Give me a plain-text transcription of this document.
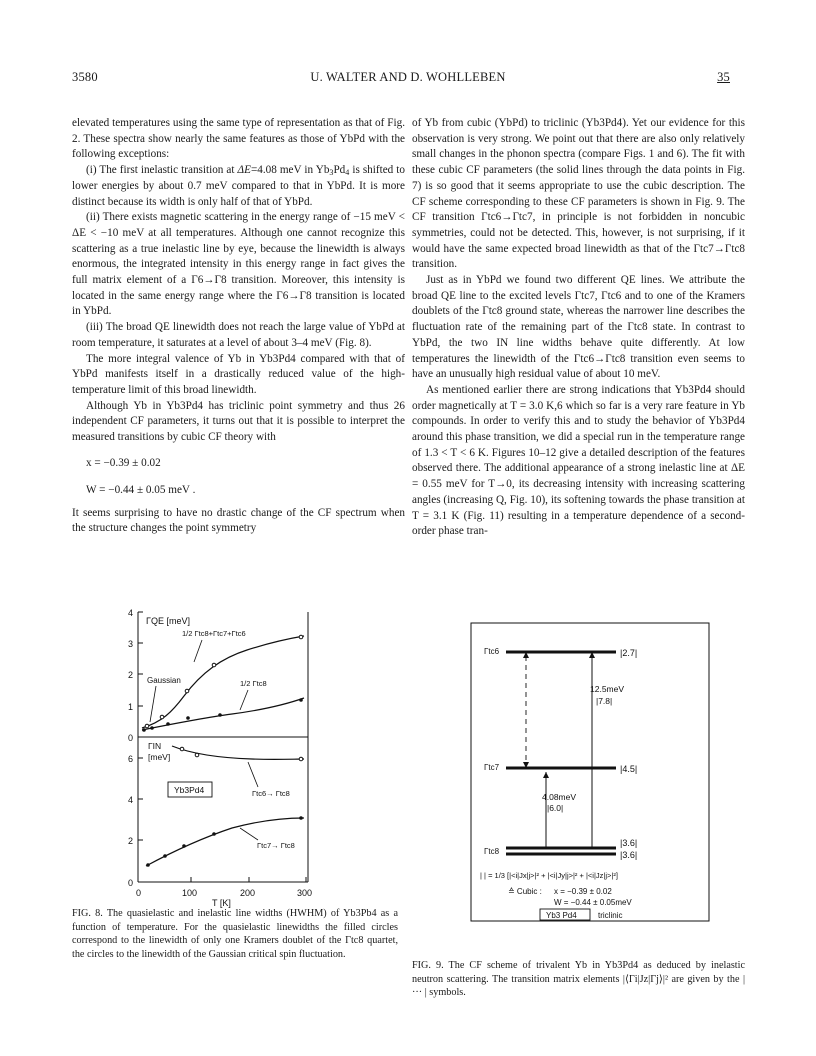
3580	U. WALTER AND D. WOHLLEBEN	35

elevated temperatures using the same type of representation as that of Fig. 2. These spectra show nearly the same features as those of YbPd with the following exceptions:

(i) The first inelastic transition at ΔE=4.08 meV in $Yb_3Pd_4$ is shifted to lower energies by about 0.7 meV compared to that in YbPd. It is more distinct because its width is only half of that of YbPd.

(ii) There exists magnetic scattering in the energy range of −15 meV < ΔE < −10 meV at all temperatures. Although one cannot recognize this scattering as a true inelastic line by eye, because the linewidth is always enormous, the integrated intensity in this energy range in fact gives the full matrix element of a Γ6→Γ8 transition. Moreover, this intensity is located in the same energy range where the Γ6→Γ8 transition is located in YbPd.

(iii) The broad QE linewidth does not reach the large value of YbPd at room temperature, it saturates at a level of about 3–4 meV (Fig. 8).

The more integral valence of Yb in Yb3Pd4 compared with that of YbPd manifests itself in a drastically reduced value of the high-temperature limit of this broad linewidth.

Although Yb in Yb3Pd4 has triclinic point symmetry and thus 26 independent CF parameters, it turns out that it is possible to interpret the measured transitions by cubic CF theory with

x = −0.39 ± 0.02
W = −0.44 ± 0.05 meV .

It seems surprising to have no drastic change of the CF spectrum when the structure changes the point symmetry

of Yb from cubic (YbPd) to triclinic (Yb3Pd4). Yet our evidence for this observation is very strong. We point out that there are also only relatively small changes in the phonon spectra (compare Figs. 1 and 6). The fit with these cubic CF parameters (the solid lines through the data points in Fig. 7) is so good that it seems appropriate to use the cubic description. The CF scheme corresponding to these CF parameters is shown in Fig. 9. The CF transition Γtc6→Γtc7, in principle is not forbidden in noncubic symmetries, could not be detected. This, however, is not surprising, if it would have the same expected broad linewidth as that of the Γtc7→Γtc8 transition.

Just as in YbPd we found two different QE lines. We attribute the broad QE line to the excited levels Γtc7, Γtc6 and to one of the Kramers doublets of the Γtc8 ground state, whereas the narrower line describes the fluctuation rate of the remaining part of the Γtc8 state. In contrast to YbPd, the two IN line widths behave quite differently. At low temperatures the linewidth of the Γtc6→Γtc8 transition even seems to have an unusually high residual value of about 10 meV.

As mentioned earlier there are strong indications that Yb3Pd4 should order magnetically at T = 3.0 K,6 which so far is a very rare feature in Yb compounds. In order to verify this and to study the behavior of Yb3Pd4 around this phase transition, we did a special run in the temperature range of 1.3 < T < 6 K. Figures 10–12 give a detailed description of the features observed there. The additional appearance of a strong inelastic line at ΔE = 0.55 meV for T→0, its decreasing intensity with increasing scattering angles (increasing Q, Fig. 10), its softening towards the phase transition at T = 3.1 K (Fig. 11) resulting in a temperature dependence of a second-order phase tran-

4
3
2
1
0
ΓQE [meV]
1/2 Γtc8+Γtc7+Γtc6
1/2 Γtc8
Gaussian
6
4
2
0
ΓIN
[meV]
Yb3Pd4	Γtc6→ Γtc8
Γtc7→ Γtc8
0	100	200	300
T [K]
FIG. 8. The quasielastic and inelastic line widths (HWHM) of Yb3Pb4 as a function of temperature. For the quasielastic linewidths the filled circles correspond to the linewidth of only one Kramers doublet of the Γtc8 quartet, the circles to the linewidth of the Gaussian critical spin fluctuation.
Γtc6
Γtc7
Γtc8
|2.7|
|4.5|
|3.6|
|3.6|
12.5meV
|7.8|
4.08meV
|6.0|
| | = 1/3 [|<i|Jx|j>|² + |<i|Jy|j>|² + |<i|Jz|j>|²]
≙ Cubic : x = −0.39 ± 0.02
W = −0.44 ± 0.05meV
Yb3 Pd4	triclinic
FIG. 9. The CF scheme of trivalent Yb in Yb3Pd4 as deduced by inelastic neutron scattering. The transition matrix elements |⟨Γi|Jz|Γj⟩|² are given by the | ··· | symbols.
